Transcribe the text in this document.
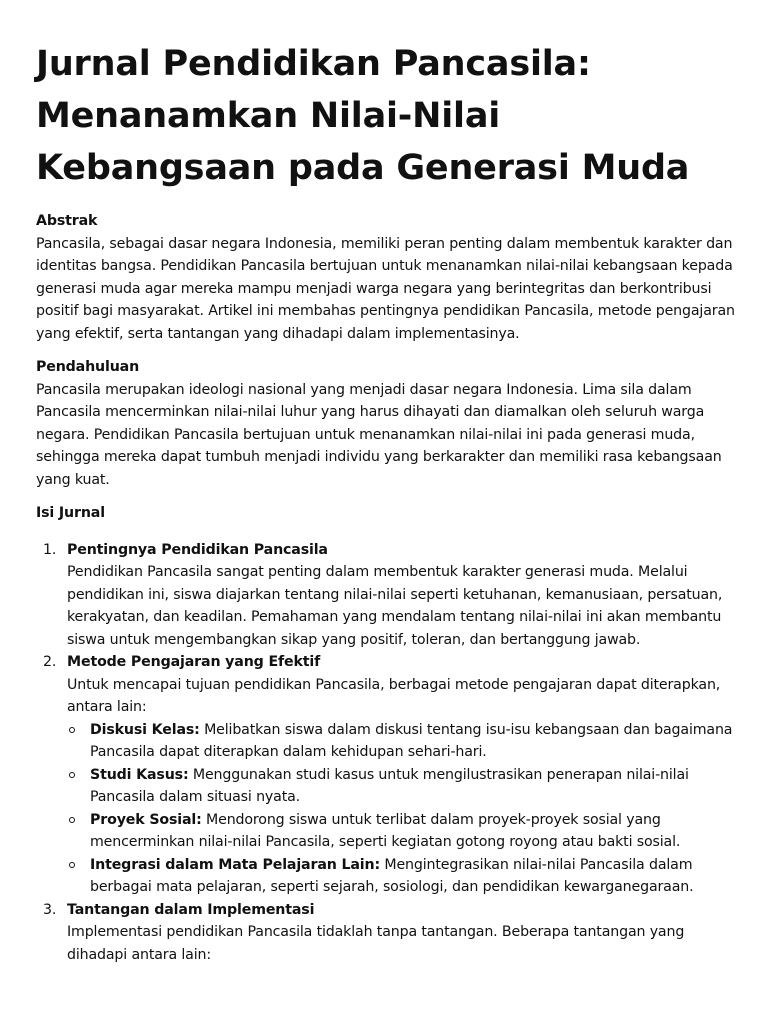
Jurnal Pendidikan Pancasila: Menanamkan Nilai-Nilai Kebangsaan pada Generasi Muda

Abstrak

Pancasila, sebagai dasar negara Indonesia, memiliki peran penting dalam membentuk karakter dan identitas bangsa. Pendidikan Pancasila bertujuan untuk menanamkan nilai-nilai kebangsaan kepada generasi muda agar mereka mampu menjadi warga negara yang berintegritas dan berkontribusi positif bagi masyarakat. Artikel ini membahas pentingnya pendidikan Pancasila, metode pengajaran yang efektif, serta tantangan yang dihadapi dalam implementasinya.

Pendahuluan

Pancasila merupakan ideologi nasional yang menjadi dasar negara Indonesia. Lima sila dalam Pancasila mencerminkan nilai-nilai luhur yang harus dihayati dan diamalkan oleh seluruh warga negara. Pendidikan Pancasila bertujuan untuk menanamkan nilai-nilai ini pada generasi muda, sehingga mereka dapat tumbuh menjadi individu yang berkarakter dan memiliki rasa kebangsaan yang kuat.

Isi Jurnal

1. Pentingnya Pendidikan Pancasila
Pendidikan Pancasila sangat penting dalam membentuk karakter generasi muda. Melalui pendidikan ini, siswa diajarkan tentang nilai-nilai seperti ketuhanan, kemanusiaan, persatuan, kerakyatan, dan keadilan. Pemahaman yang mendalam tentang nilai-nilai ini akan membantu siswa untuk mengembangkan sikap yang positif, toleran, dan bertanggung jawab.
2. Metode Pengajaran yang Efektif
Untuk mencapai tujuan pendidikan Pancasila, berbagai metode pengajaran dapat diterapkan, antara lain:
Diskusi Kelas: Melibatkan siswa dalam diskusi tentang isu-isu kebangsaan dan bagaimana Pancasila dapat diterapkan dalam kehidupan sehari-hari.
Studi Kasus: Menggunakan studi kasus untuk mengilustrasikan penerapan nilai-nilai Pancasila dalam situasi nyata.
Proyek Sosial: Mendorong siswa untuk terlibat dalam proyek-proyek sosial yang mencerminkan nilai-nilai Pancasila, seperti kegiatan gotong royong atau bakti sosial.
Integrasi dalam Mata Pelajaran Lain: Mengintegrasikan nilai-nilai Pancasila dalam berbagai mata pelajaran, seperti sejarah, sosiologi, dan pendidikan kewarganegaraan.
3. Tantangan dalam Implementasi
Implementasi pendidikan Pancasila tidaklah tanpa tantangan. Beberapa tantangan yang dihadapi antara lain:
